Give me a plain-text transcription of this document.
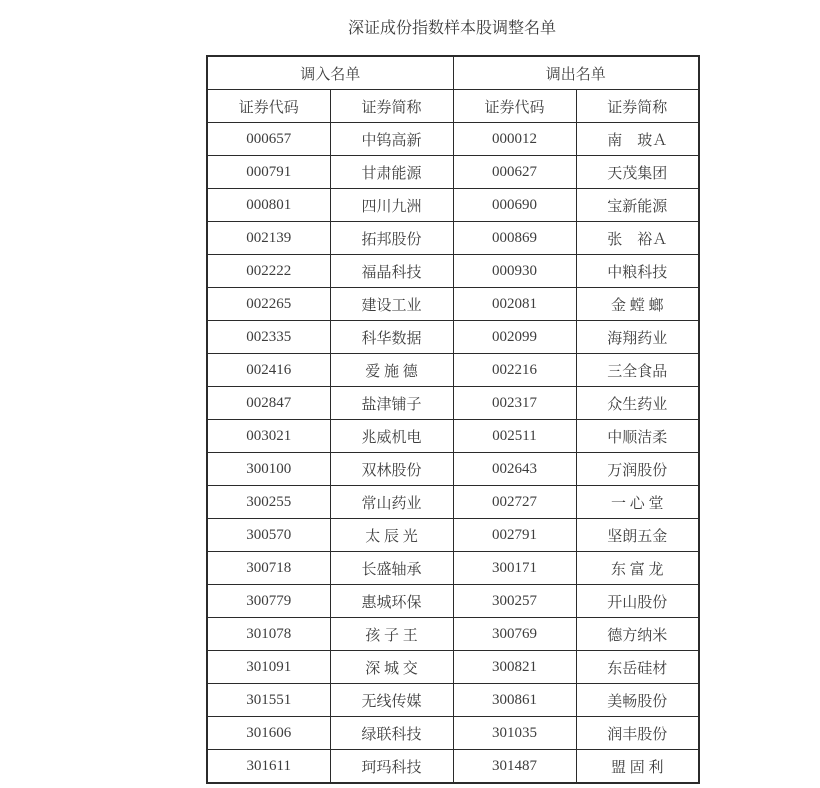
深证成份指数样本股调整名单
调入名单		调出名单	
证券代码	证券简称	证券代码	证券简称
000657	中钨高新	000012	南　玻Ａ
000791	甘肃能源	000627	天茂集团
000801	四川九洲	000690	宝新能源
002139	拓邦股份	000869	张　裕Ａ
002222	福晶科技	000930	中粮科技
002265	建设工业	002081	金 螳 螂
002335	科华数据	002099	海翔药业
002416	爱 施 德	002216	三全食品
002847	盐津铺子	002317	众生药业
003021	兆威机电	002511	中顺洁柔
300100	双林股份	002643	万润股份
300255	常山药业	002727	一 心 堂
300570	太 辰 光	002791	坚朗五金
300718	长盛轴承	300171	东 富 龙
300779	惠城环保	300257	开山股份
301078	孩 子 王	300769	德方纳米
301091	深 城 交	300821	东岳硅材
301551	无线传媒	300861	美畅股份
301606	绿联科技	301035	润丰股份
301611	珂玛科技	301487	盟 固 利
